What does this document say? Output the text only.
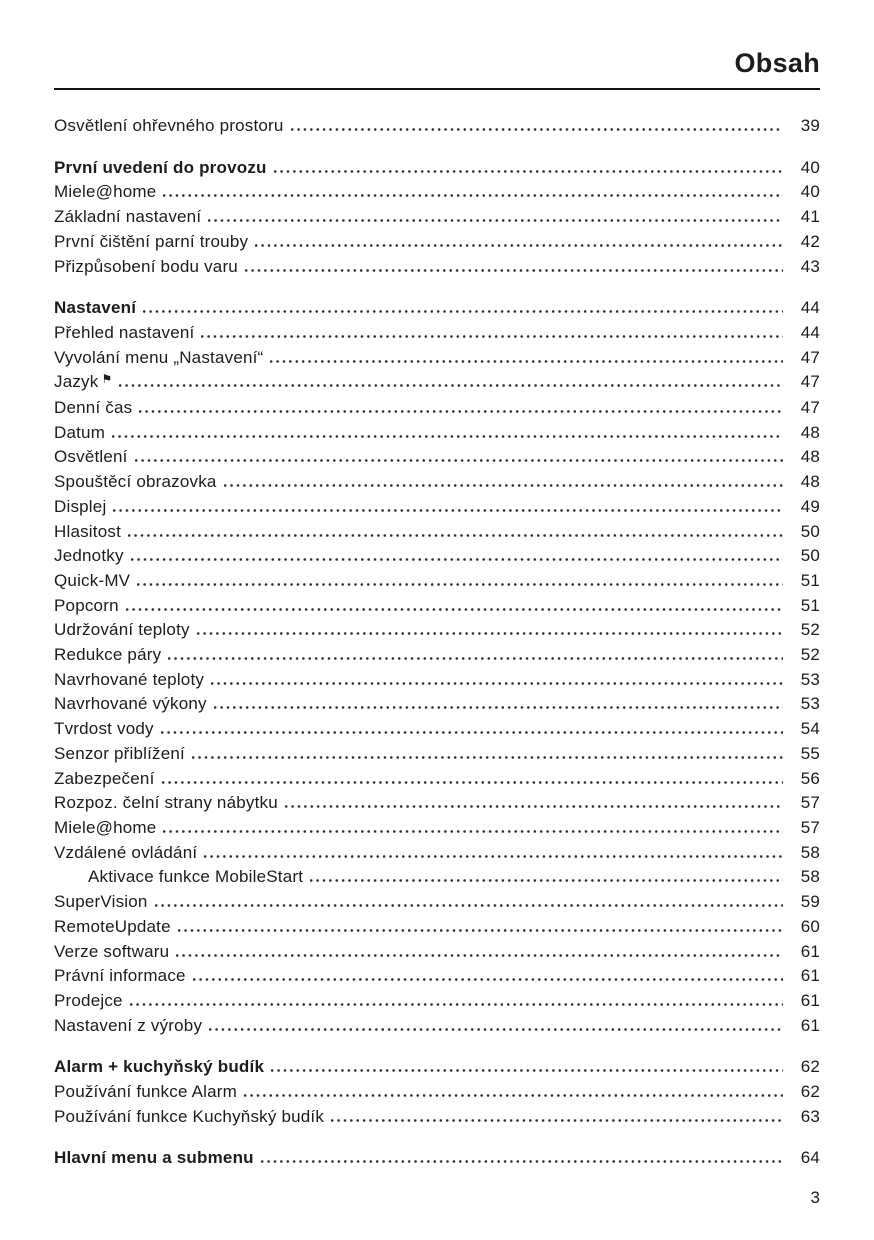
Obsah
Osvětlení ohřevného prostoru	39
První uvedení do provozu	40
Miele@home	40
Základní nastavení	41
První čištění parní trouby	42
Přizpůsobení bodu varu	43
Nastavení	44
Přehled nastavení	44
Vyvolání menu „Nastavení“	47
Jazyk ⚑	47
Denní čas	47
Datum	48
Osvětlení	48
Spouštěcí obrazovka	48
Displej	49
Hlasitost	50
Jednotky	50
Quick-MV	51
Popcorn	51
Udržování teploty	52
Redukce páry	52
Navrhované teploty	53
Navrhované výkony	53
Tvrdost vody	54
Senzor přiblížení	55
Zabezpečení	56
Rozpoz. čelní strany nábytku	57
Miele@home	57
Vzdálené ovládání	58
Aktivace funkce MobileStart	58
SuperVision	59
RemoteUpdate	60
Verze softwaru	61
Právní informace	61
Prodejce	61
Nastavení z výroby	61
Alarm + kuchyňský budík	62
Používání funkce Alarm	62
Používání funkce Kuchyňský budík	63
Hlavní menu a submenu	64
3
